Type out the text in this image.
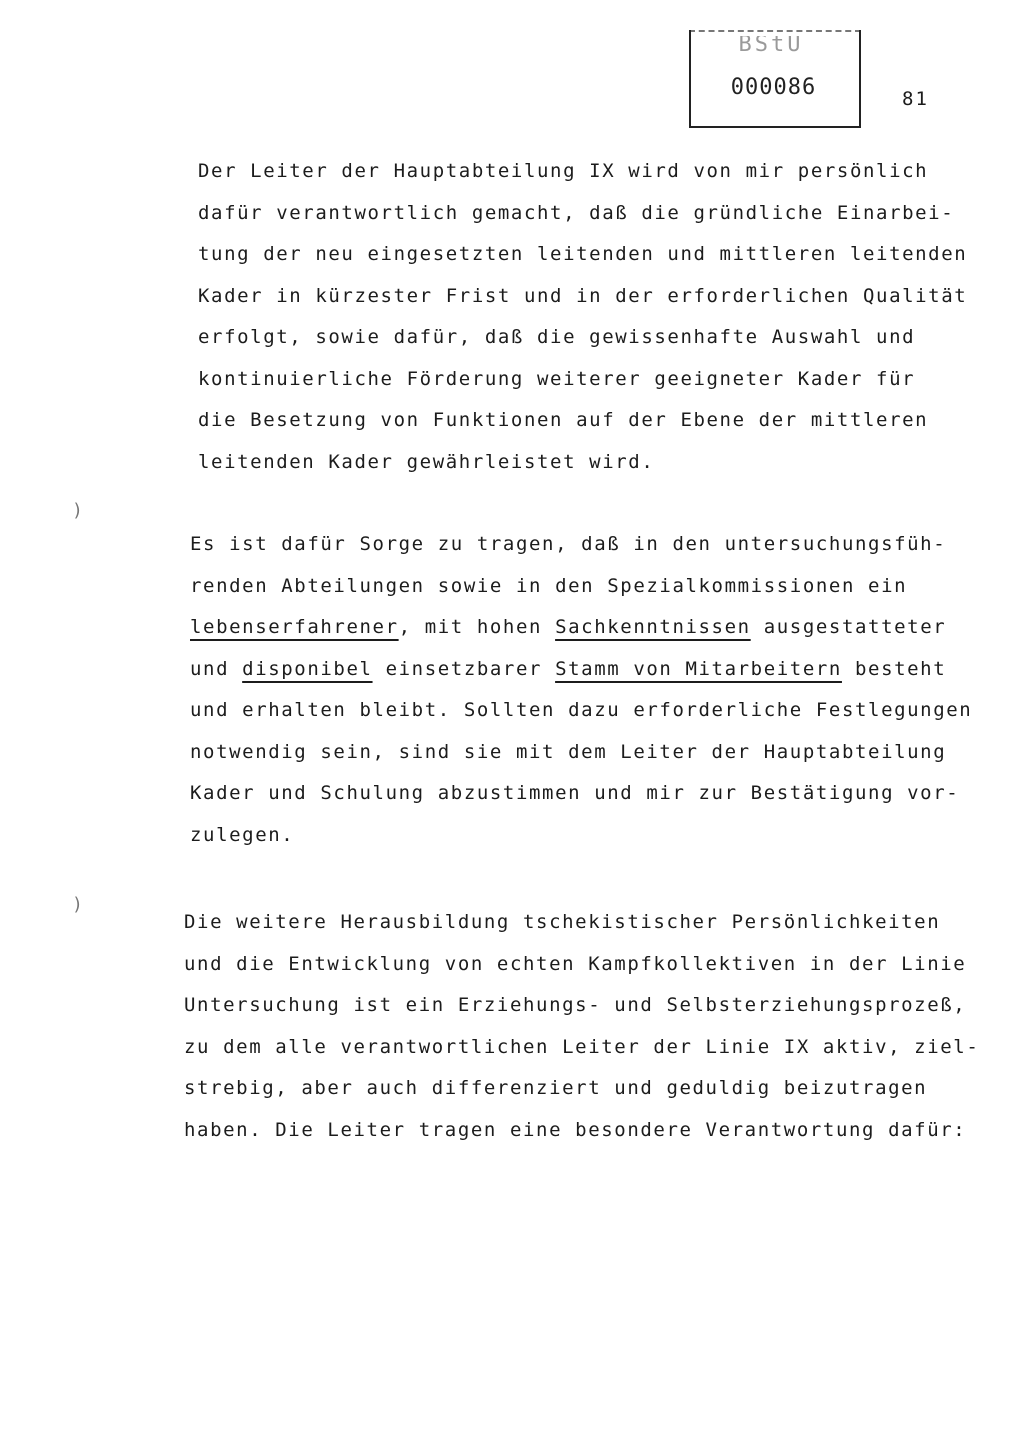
BStU
000086	81
Der Leiter der Hauptabteilung IX wird von mir persönlich
dafür verantwortlich gemacht, daß die gründliche Einarbei-
tung der neu eingesetzten leitenden und mittleren leitenden
Kader in kürzester Frist und in der erforderlichen Qualität
erfolgt, sowie dafür, daß die gewissenhafte Auswahl und
kontinuierliche Förderung weiterer geeigneter Kader für
die Besetzung von Funktionen auf der Ebene der mittleren
leitenden Kader gewährleistet wird.
Es ist dafür Sorge zu tragen, daß in den untersuchungsfüh-
renden Abteilungen sowie in den Spezialkommissionen ein
lebenserfahrener, mit hohen Sachkenntnissen ausgestatteter
und disponibel einsetzbarer Stamm von Mitarbeitern besteht
und erhalten bleibt. Sollten dazu erforderliche Festlegungen
notwendig sein, sind sie mit dem Leiter der Hauptabteilung
Kader und Schulung abzustimmen und mir zur Bestätigung vor-
zulegen.
Die weitere Herausbildung tschekistischer Persönlichkeiten
und die Entwicklung von echten Kampfkollektiven in der Linie
Untersuchung ist ein Erziehungs- und Selbsterziehungsprozeß,
zu dem alle verantwortlichen Leiter der Linie IX aktiv, ziel-
strebig, aber auch differenziert und geduldig beizutragen
haben. Die Leiter tragen eine besondere Verantwortung dafür:
)
)
